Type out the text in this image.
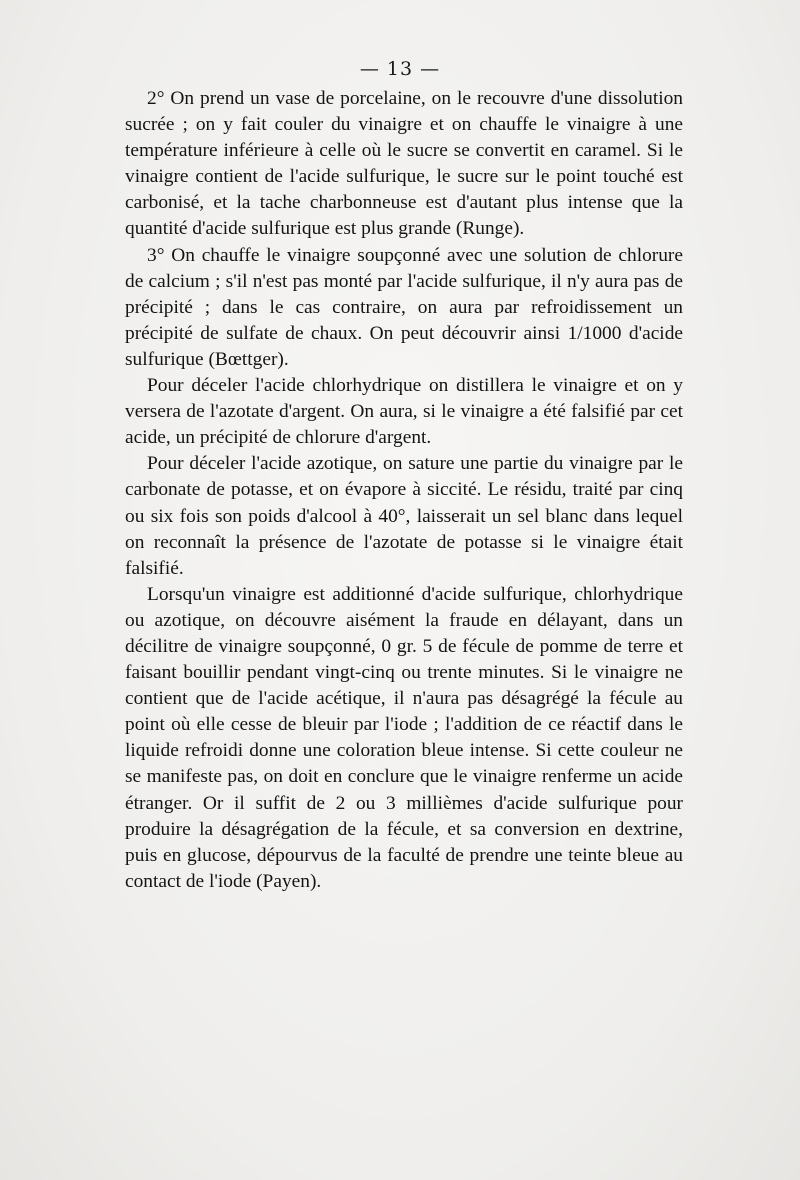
— 13 —

2° On prend un vase de porcelaine, on le recouvre d'une dissolution sucrée ; on y fait couler du vinaigre et on chauffe le vinaigre à une température inférieure à celle où le sucre se convertit en caramel. Si le vinaigre contient de l'acide sulfurique, le sucre sur le point touché est carbonisé, et la tache charbonneuse est d'autant plus intense que la quantité d'acide sulfurique est plus grande (Runge).

3° On chauffe le vinaigre soupçonné avec une solution de chlorure de calcium ; s'il n'est pas monté par l'acide sulfurique, il n'y aura pas de précipité ; dans le cas contraire, on aura par refroidissement un précipité de sulfate de chaux. On peut découvrir ainsi 1/1000 d'acide sulfurique (Bœttger).

Pour déceler l'acide chlorhydrique on distillera le vinaigre et on y versera de l'azotate d'argent. On aura, si le vinaigre a été falsifié par cet acide, un précipité de chlorure d'argent.

Pour déceler l'acide azotique, on sature une partie du vinaigre par le carbonate de potasse, et on évapore à siccité. Le résidu, traité par cinq ou six fois son poids d'alcool à 40°, laisserait un sel blanc dans lequel on reconnaît la présence de l'azotate de potasse si le vinaigre était falsifié.

Lorsqu'un vinaigre est additionné d'acide sulfurique, chlorhydrique ou azotique, on découvre aisément la fraude en délayant, dans un décilitre de vinaigre soupçonné, 0 gr. 5 de fécule de pomme de terre et faisant bouillir pendant vingt-cinq ou trente minutes. Si le vinaigre ne contient que de l'acide acétique, il n'aura pas désagrégé la fécule au point où elle cesse de bleuir par l'iode ; l'addition de ce réactif dans le liquide refroidi donne une coloration bleue intense. Si cette couleur ne se manifeste pas, on doit en conclure que le vinaigre renferme un acide étranger. Or il suffit de 2 ou 3 millièmes d'acide sulfurique pour produire la désagrégation de la fécule, et sa conversion en dextrine, puis en glucose, dépourvus de la faculté de prendre une teinte bleue au contact de l'iode (Payen).
